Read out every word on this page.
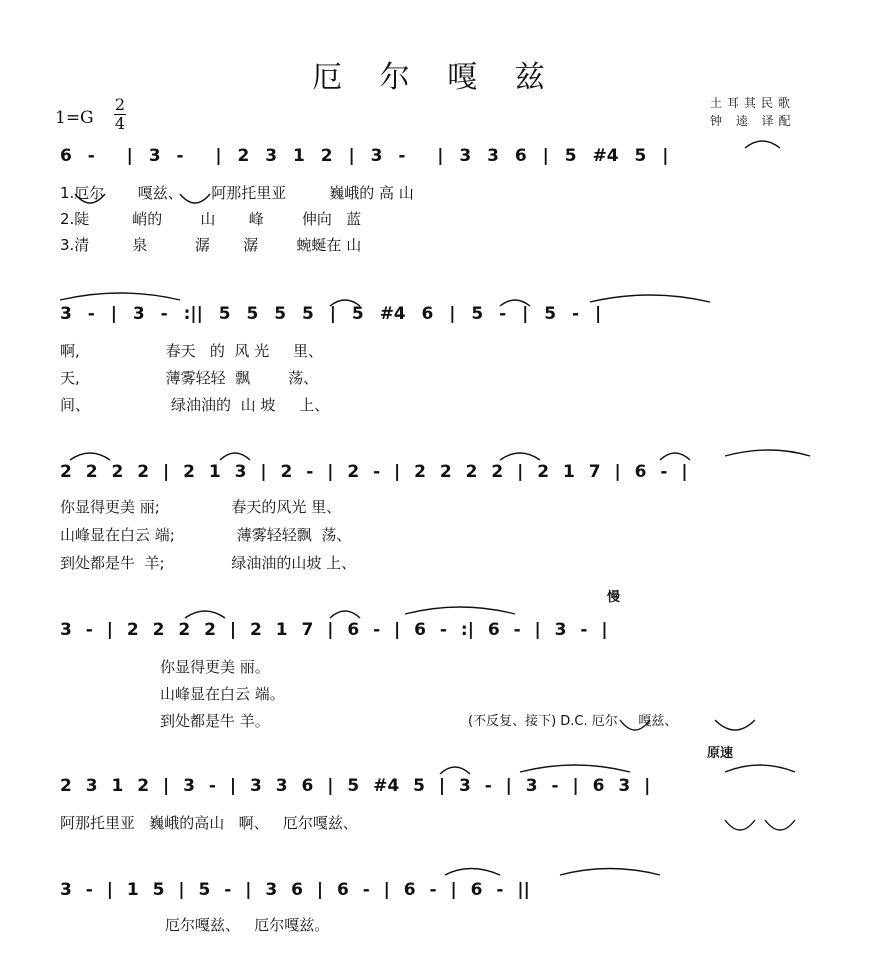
厄 尔 嘎 兹
1=G
2
4
土耳其民歌
钟 逵 译配
慢
原速
6 -  | 3 -  | 2 3 1 2 | 3 -  | 3 3 6 | 5 #4 5 |
1.厄尔       嘎兹、      阿那托里亚         巍峨的 高 山
2.陡         峭的        山       峰        伸向   蓝
3.清         泉          潺       潺        蜿蜒在 山
3 - | 3 - :|| 5 5 5 5 | 5 #4 6 | 5 - | 5 - |
啊,                  春天   的  风 光     里、
天,                  薄雾轻轻  飘        荡、
间、                 绿油油的  山 坡     上、
2 2 2 2 | 2 1 3 | 2 - | 2 - | 2 2 2 2 | 2 1 7 | 6 - |
你显得更美 丽;               春天的风光 里、
山峰显在白云 端;             薄雾轻轻飘  荡、
到处都是牛  羊;              绿油油的山坡 上、
3 - | 2 2 2 2 | 2 1 7 | 6 - | 6 - :| 6 - | 3 - |
你显得更美 丽。
山峰显在白云 端。
到处都是牛 羊。	(不反复、接下) D.C. 厄尔     嘎兹、
2 3 1 2 | 3 - | 3 3 6 | 5 #4 5 | 3 - | 3 - | 6 3 |
阿那托里亚   巍峨的高山   啊、   厄尔嘎兹、
3 - | 1 5 | 5 - | 3 6 | 6 - | 6 - | 6 - ||
厄尔嘎兹、   厄尔嘎兹。
